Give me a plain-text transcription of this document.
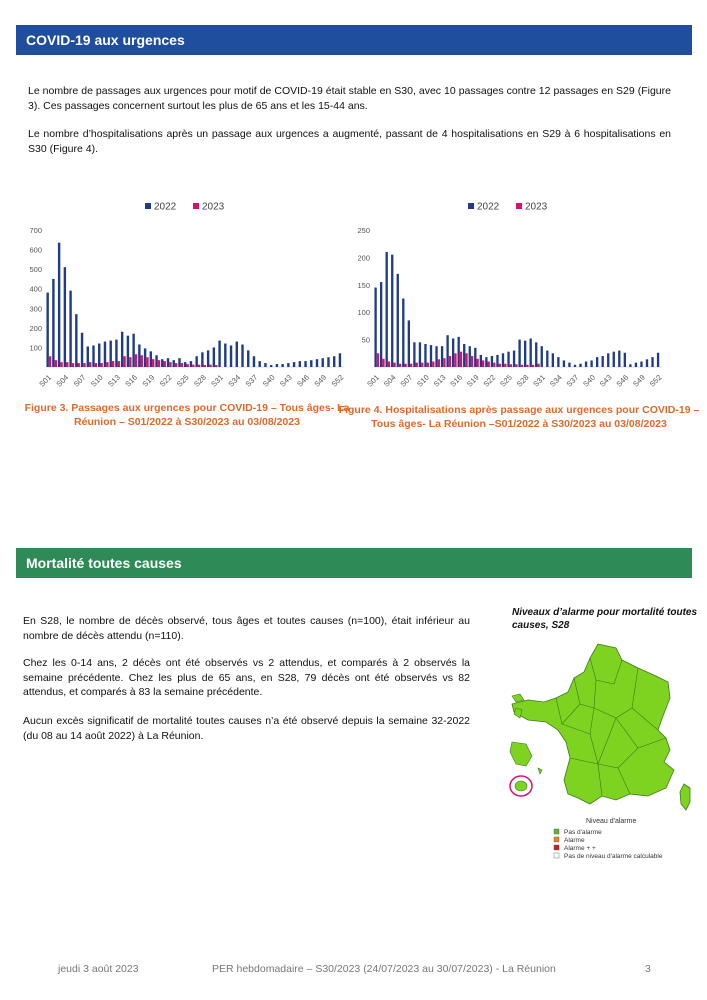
COVID-19 aux urgences

Le nombre de passages aux urgences pour motif de COVID-19 était stable en S30, avec 10 passages contre 12 passages en S29 (Figure 3). Ces passages concernent surtout les plus de 65 ans et les 15-44 ans.

Le nombre d’hospitalisations après un passage aux urgences a augmenté, passant de 4 hospitalisations en S29 à 6 hospitalisations en S30 (Figure 4).

100
200
300
400
500
600
700
2022	2023
S01 S04 S07 S10 S13 S16 S19 S22 S25 S28 S31 S34 S37 S40 S43 S46 S49 S52
50
100
150
200
250
2022	2023
S01 S04 S07 S10 S13 S16 S19 S22 S25 S28 S31 S34 S37 S40 S43 S46 S49 S52
Figure 3. Passages aux urgences pour COVID-19 – Tous âges- La Réunion – S01/2022 à S30/2023 au 03/08/2023
Figure 4. Hospitalisations après passage aux urgences pour COVID-19 – Tous âges- La Réunion –S01/2022 à S30/2023 au 03/08/2023
Mortalité toutes causes

En S28, le nombre de décès observé, tous âges et toutes causes (n=100), était inférieur au nombre de décès attendu (n=110).

Chez les 0-14 ans, 2 décès ont été observés vs 2 attendus, et comparés à 2 observés la semaine précédente. Chez les plus de 65 ans, en S28, 79 décès ont été observés vs 82 attendus, et comparés à 83 la semaine précédente.

Aucun excès significatif de mortalité toutes causes n’a été observé depuis la semaine 32-2022 (du 08 au 14 août 2022) à La Réunion.

Niveaux d’alarme pour mortalité toutes causes, S28
Niveau d'alarme
Pas d'alarme
Alarme
Alarme + +
Pas de niveau d'alarme calculable
jeudi 3 août 2023	PER hebdomadaire – S30/2023 (24/07/2023 au 30/07/2023) - La Réunion	3
